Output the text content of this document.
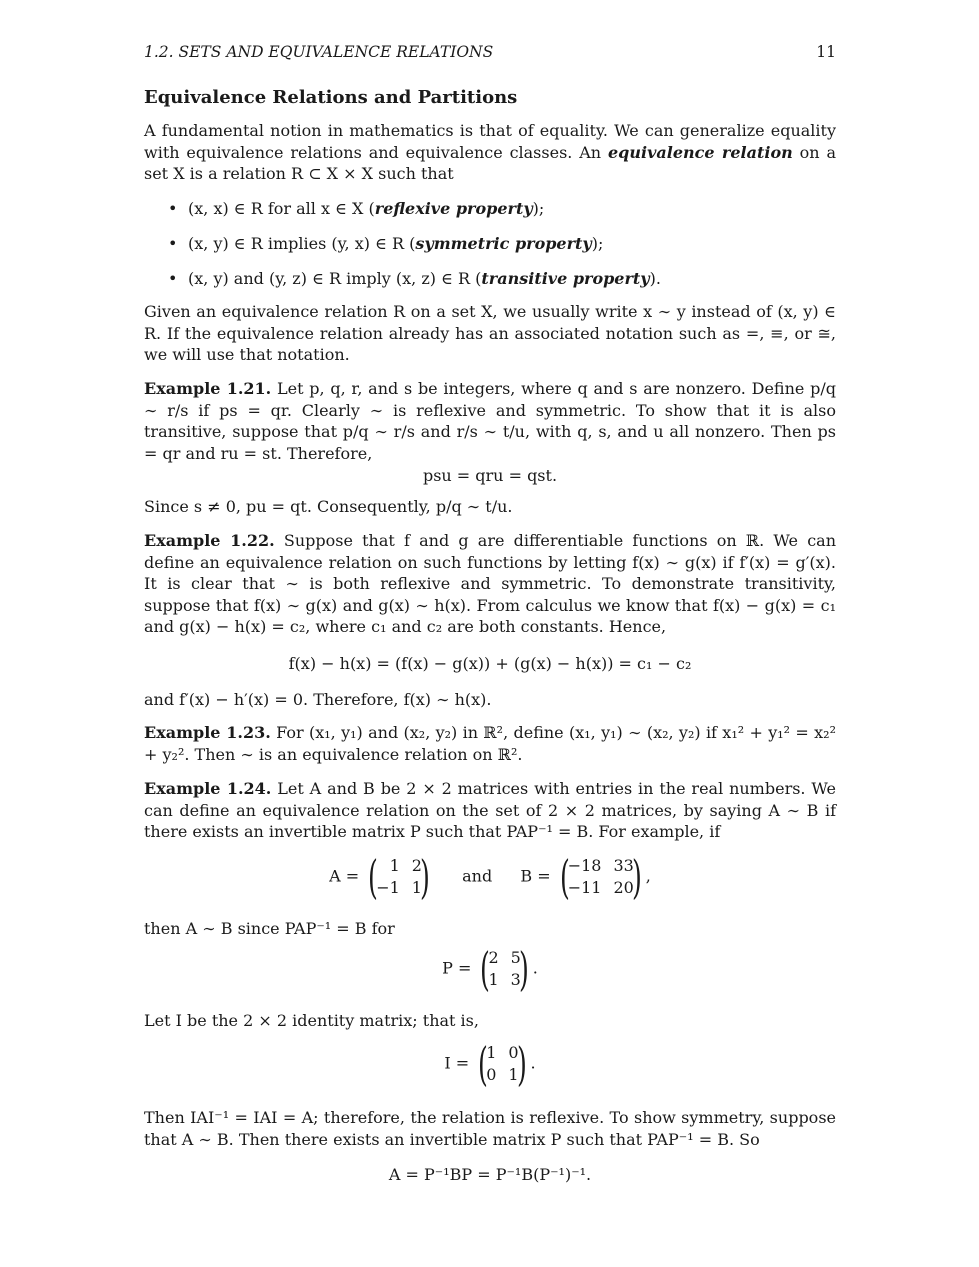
1.2. SETS AND EQUIVALENCE RELATIONS	11
Equivalence Relations and Partitions

A fundamental notion in mathematics is that of equality. We can generalize equality with equivalence relations and equivalence classes. An equivalence relation on a set X is a relation R ⊂ X × X such that

• (x, x) ∈ R for all x ∈ X (reflexive property);
• (x, y) ∈ R implies (y, x) ∈ R (symmetric property);
• (x, y) and (y, z) ∈ R imply (x, z) ∈ R (transitive property).

Given an equivalence relation R on a set X, we usually write x ∼ y instead of (x, y) ∈ R. If the equivalence relation already has an associated notation such as =, ≡, or ≅, we will use that notation.

Example 1.21. Let p, q, r, and s be integers, where q and s are nonzero. Define p/q ∼ r/s if ps = qr. Clearly ∼ is reflexive and symmetric. To show that it is also transitive, suppose that p/q ∼ r/s and r/s ∼ t/u, with q, s, and u all nonzero. Then ps = qr and ru = st. Therefore,

psu = qru = qst.

Since s ≠ 0, pu = qt. Consequently, p/q ∼ t/u.

Example 1.22. Suppose that f and g are differentiable functions on ℝ. We can define an equivalence relation on such functions by letting f(x) ∼ g(x) if f′(x) = g′(x). It is clear that ∼ is both reflexive and symmetric. To demonstrate transitivity, suppose that f(x) ∼ g(x) and g(x) ∼ h(x). From calculus we know that f(x) − g(x) = c₁ and g(x) − h(x) = c₂, where c₁ and c₂ are both constants. Hence,

f(x) − h(x) = (f(x) − g(x)) + (g(x) − h(x)) = c₁ − c₂

and f′(x) − h′(x) = 0. Therefore, f(x) ∼ h(x).

Example 1.23. For (x₁, y₁) and (x₂, y₂) in ℝ², define (x₁, y₁) ∼ (x₂, y₂) if x₁² + y₁² = x₂² + y₂². Then ∼ is an equivalence relation on ℝ².

Example 1.24. Let A and B be 2 × 2 matrices with entries in the real numbers. We can define an equivalence relation on the set of 2 × 2 matrices, by saying A ∼ B if there exists an invertible matrix P such that PAP⁻¹ = B. For example, if

A = ( 1 2
−1 1
) and B = (
−18 33
−11 20
) ,

then A ∼ B since PAP⁻¹ = B for

P = (
2 5
1 3
) .

Let I be the 2 × 2 identity matrix; that is,

I = (
1 0
0 1
) .

Then IAI⁻¹ = IAI = A; therefore, the relation is reflexive. To show symmetry, suppose that A ∼ B. Then there exists an invertible matrix P such that PAP⁻¹ = B. So

A = P⁻¹BP = P⁻¹B(P⁻¹)⁻¹.
